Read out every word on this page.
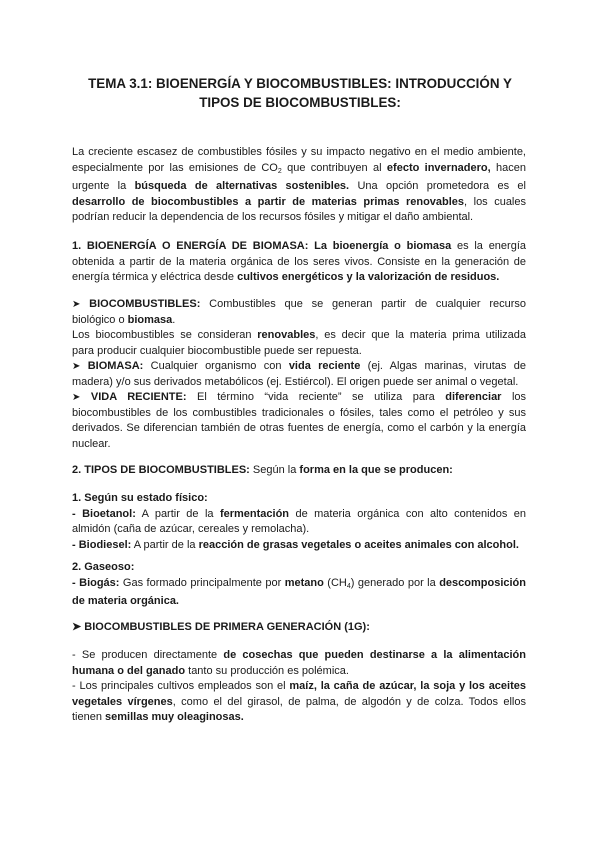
TEMA 3.1: BIOENERGÍA Y BIOCOMBUSTIBLES: INTRODUCCIÓN Y
TIPOS DE BIOCOMBUSTIBLES:
La creciente escasez de combustibles fósiles y su impacto negativo en el medio ambiente,
especialmente por las emisiones de $CO_2$ que contribuyen al efecto invernadero, hacen
urgente la búsqueda de alternativas sostenibles. Una opción prometedora es el
desarrollo de biocombustibles a partir de materias primas renovables, los cuales
podrían reducir la dependencia de los recursos fósiles y mitigar el daño ambiental.
1. BIOENERGÍA O ENERGÍA DE BIOMASA: La bioenergía o biomasa es la energía
obtenida a partir de la materia orgánica de los seres vivos. Consiste en la generación de
energía térmica y eléctrica desde cultivos energéticos y la valorización de residuos.
➤ BIOCOMBUSTIBLES: Combustibles que se generan partir de cualquier recurso
biológico o biomasa.
Los biocombustibles se consideran renovables, es decir que la materia prima utilizada
para producir cualquier biocombustible puede ser repuesta.
➤ BIOMASA: Cualquier organismo con vida reciente (ej. Algas marinas, virutas de
madera) y/o sus derivados metabólicos (ej. Estiércol). El origen puede ser animal o vegetal.
➤ VIDA RECIENTE: El término “vida reciente” se utiliza para diferenciar los
biocombustibles de los combustibles tradicionales o fósiles, tales como el petróleo y sus
derivados. Se diferencian también de otras fuentes de energía, como el carbón y la energía
nuclear.
2. TIPOS DE BIOCOMBUSTIBLES: Según la forma en la que se producen:
1. Según su estado físico:
- Bioetanol: A partir de la fermentación de materia orgánica con alto contenidos en
almidón (caña de azúcar, cereales y remolacha).
- Biodiesel: A partir de la reacción de grasas vegetales o aceites animales con alcohol.
2. Gaseoso:
- Biogás: Gas formado principalmente por metano $(CH_4)$ generado por la descomposición
de materia orgánica.
➤ BIOCOMBUSTIBLES DE PRIMERA GENERACIÓN (1G):
- Se producen directamente de cosechas que pueden destinarse a la alimentación
humana o del ganado tanto su producción es polémica.
- Los principales cultivos empleados son el maíz, la caña de azúcar, la soja y los aceites
vegetales vírgenes, como el del girasol, de palma, de algodón y de colza. Todos ellos
tienen semillas muy oleaginosas.
